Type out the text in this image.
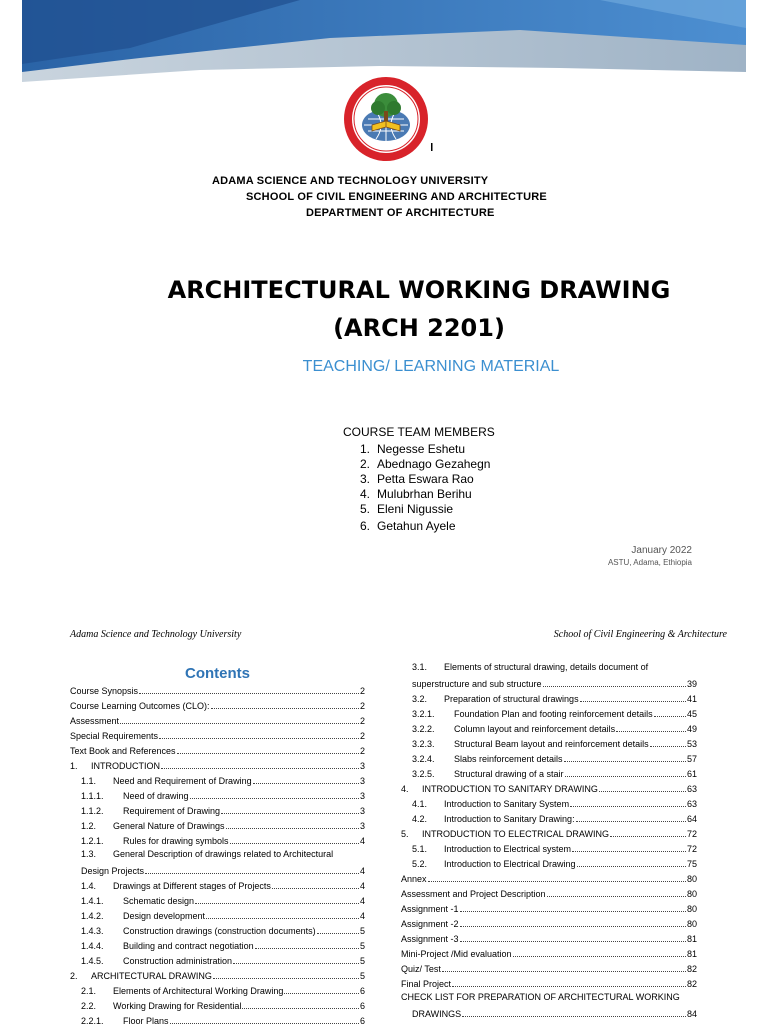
ADAMA SCIENCE AND TECHNOLOGY UNIVERSITY
SCHOOL OF CIVIL ENGINEERING AND ARCHITECTURE
DEPARTMENT OF ARCHITECTURE
ARCHITECTURAL WORKING DRAWING
(ARCH 2201)
TEACHING/ LEARNING MATERIAL
COURSE TEAM MEMBERS
1. Negesse Eshetu
2. Abednago Gezahegn
3. Petta Eswara Rao
4. Mulubrhan Berihu
5. Eleni Nigussie
6. Getahun Ayele
January 2022
ASTU, Adama, Ethiopia
Adama Science and Technology University	School of Civil Engineering & Architecture
Contents
Course Synopsis	2
Course Learning Outcomes (CLO):	2
Assessment	2
Special Requirements	2
Text Book and References	2
1.	INTRODUCTION	3
1.1.	Need and Requirement of Drawing	3
1.1.1.	Need of drawing	3
1.1.2.	Requirement of Drawing	3
1.2.	General Nature of Drawings	3
1.2.1.	Rules for drawing symbols	4
1.3.	General Description of drawings related to Architectural
Design Projects	4
1.4.	Drawings at Different stages of Projects	4
1.4.1.	Schematic design	4
1.4.2.	Design development	4
1.4.3.	Construction drawings (construction documents)	5
1.4.4.	Building and contract negotiation	5
1.4.5.	Construction administration	5
2.	ARCHITECTURAL DRAWING	5
2.1.	Elements of Architectural Working Drawing	6
2.2.	Working Drawing for Residential	6
2.2.1.	Floor Plans	6
3.1.	Elements of structural drawing, details document of
superstructure and sub structure	39
3.2.	Preparation of structural drawings	41
3.2.1.	Foundation Plan and footing reinforcement details	45
3.2.2.	Column layout and reinforcement details	49
3.2.3.	Structural Beam layout and reinforcement details	53
3.2.4.	Slabs reinforcement details	57
3.2.5.	Structural drawing of a stair	61
4.	INTRODUCTION TO SANITARY DRAWING	63
4.1.	Introduction to Sanitary System	63
4.2.	Introduction to Sanitary Drawing:	64
5.	INTRODUCTION TO ELECTRICAL DRAWING	72
5.1.	Introduction to Electrical system	72
5.2.	Introduction to Electrical Drawing	75
Annex	80
Assessment and Project Description	80
Assignment -1	80
Assignment -2	80
Assignment -3	81
Mini-Project /Mid evaluation	81
Quiz/ Test	82
Final Project	82
CHECK LIST FOR PREPARATION OF ARCHITECTURAL WORKING
DRAWINGS	84
